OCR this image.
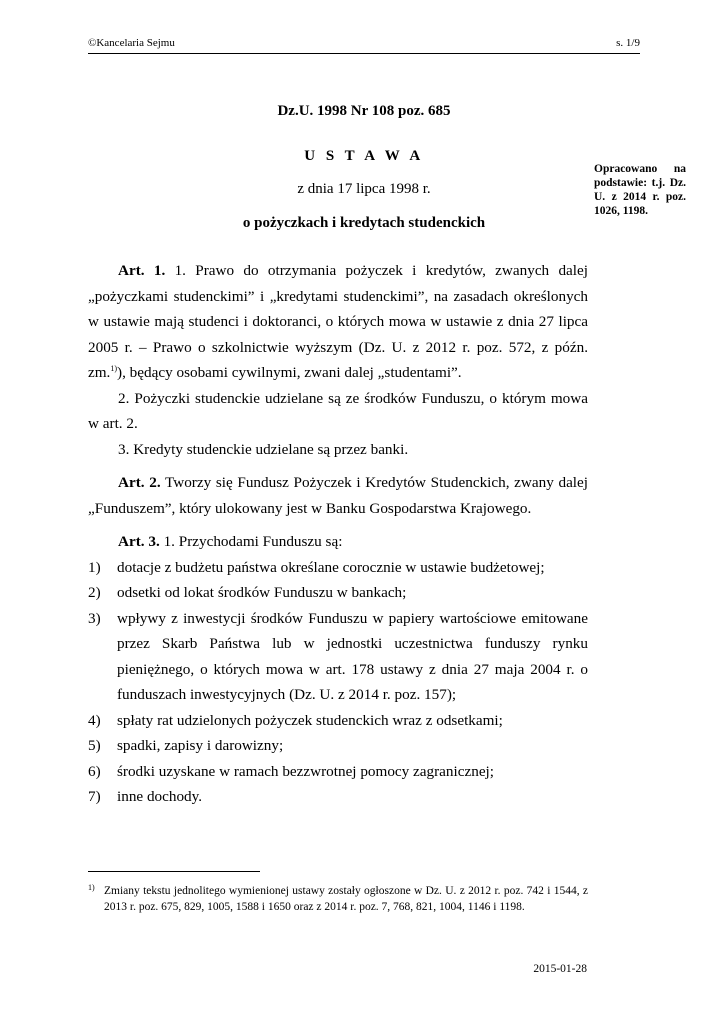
©Kancelaria Sejmu	s. 1/9
Dz.U. 1998 Nr 108 poz. 685
U S T A W A
z dnia 17 lipca 1998 r.
o pożyczkach i kredytach studenckich
Opracowano na podstawie: t.j. Dz. U. z 2014 r. poz. 1026, 1198.

Art. 1. 1. Prawo do otrzymania pożyczek i kredytów, zwanych dalej „pożyczkami studenckimi” i „kredytami studenckimi”, na zasadach określonych w ustawie mają studenci i doktoranci, o których mowa w ustawie z dnia 27 lipca 2005 r. – Prawo o szkolnictwie wyższym (Dz. U. z 2012 r. poz. 572, z późn. zm.$^{1)}$), będący osobami cywilnymi, zwani dalej „studentami”.

2. Pożyczki studenckie udzielane są ze środków Funduszu, o którym mowa w art. 2.

3. Kredyty studenckie udzielane są przez banki.

Art. 2. Tworzy się Fundusz Pożyczek i Kredytów Studenckich, zwany dalej „Funduszem”, który ulokowany jest w Banku Gospodarstwa Krajowego.

Art. 3. 1. Przychodami Funduszu są:

1) dotacje z budżetu państwa określane corocznie w ustawie budżetowej;

2) odsetki od lokat środków Funduszu w bankach;

3) wpływy z inwestycji środków Funduszu w papiery wartościowe emitowane przez Skarb Państwa lub w jednostki uczestnictwa funduszy rynku pieniężnego, o których mowa w art. 178 ustawy z dnia 27 maja 2004 r. o funduszach inwestycyjnych (Dz. U. z 2014 r. poz. 157);

4) spłaty rat udzielonych pożyczek studenckich wraz z odsetkami;

5) spadki, zapisy i darowizny;

6) środki uzyskane w ramach bezzwrotnej pomocy zagranicznej;

7) inne dochody.

1) Zmiany tekstu jednolitego wymienionej ustawy zostały ogłoszone w Dz. U. z 2012 r. poz. 742 i 1544, z 2013 r. poz. 675, 829, 1005, 1588 i 1650 oraz z 2014 r. poz. 7, 768, 821, 1004, 1146 i 1198.
2015-01-28
